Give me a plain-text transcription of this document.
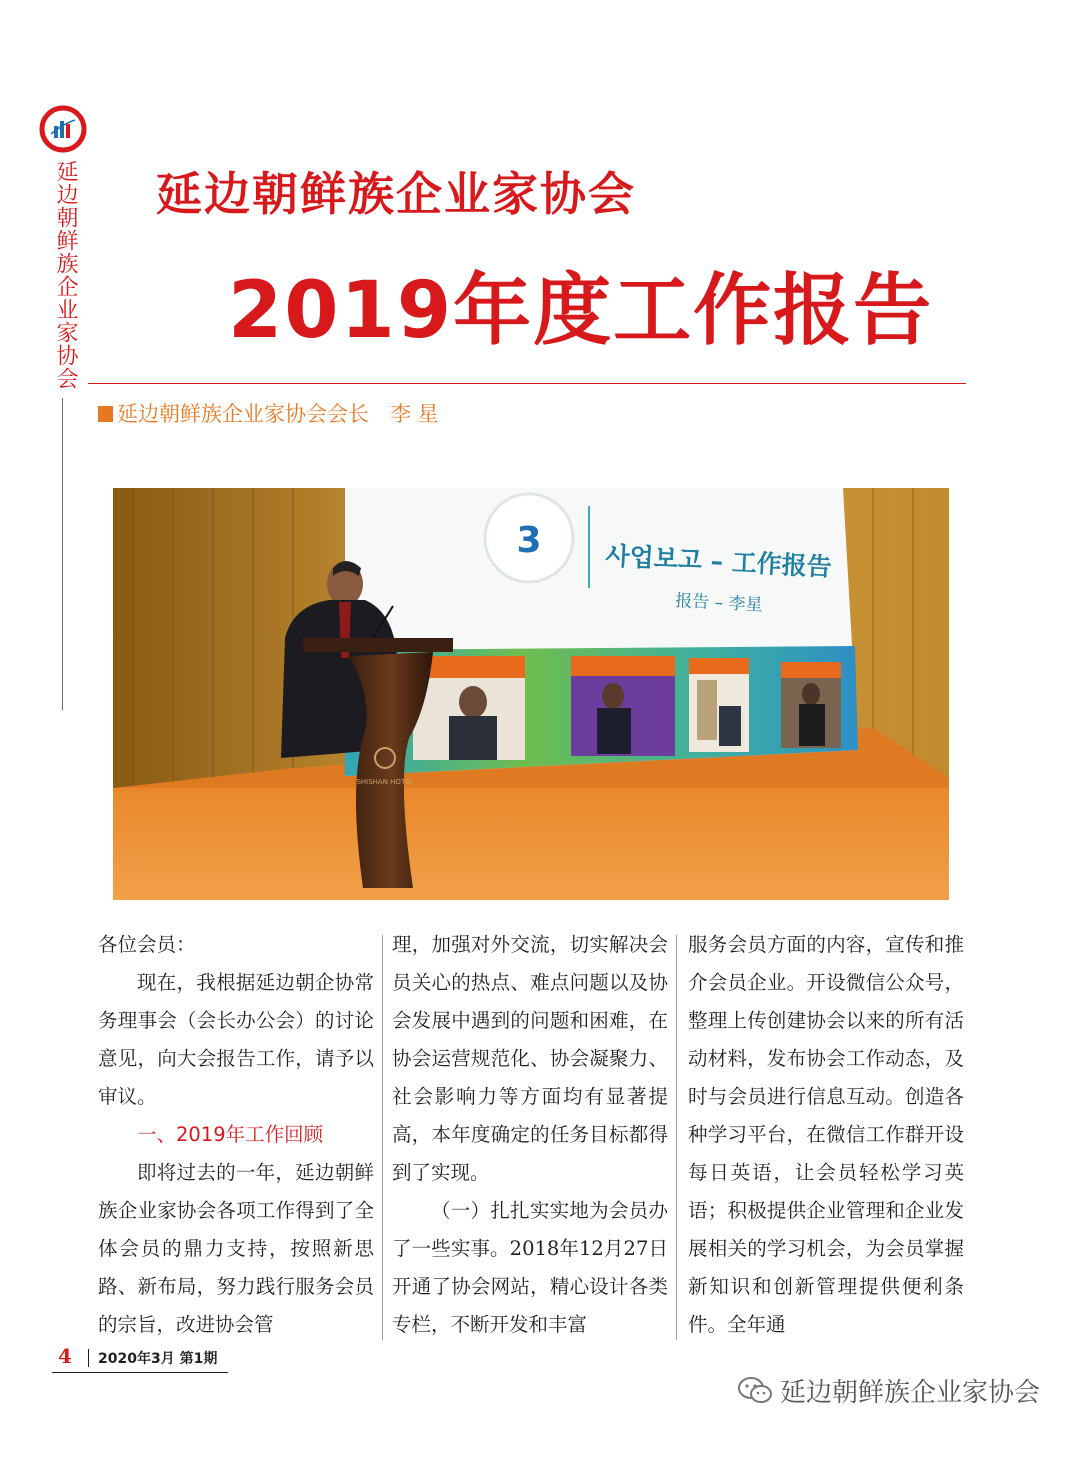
延边朝鲜族企业家协会 延边朝鲜族企业家协会
2019年度工作报告
延边朝鲜族企业家协会会长　李 星
3
사업보고 – 工作报告
报告 – 李星
SHISHAN HOTEL

各位会员：

现在，我根据延边朝企协常务理事会（会长办公会）的讨论意见，向大会报告工作，请予以审议。

一、2019年工作回顾

即将过去的一年，延边朝鲜族企业家协会各项工作得到了全体会员的鼎力支持，按照新思路、新布局，努力践行服务会员的宗旨，改进协会管

理，加强对外交流，切实解决会员关心的热点、难点问题以及协会发展中遇到的问题和困难，在协会运营规范化、协会凝聚力、社会影响力等方面均有显著提高，本年度确定的任务目标都得到了实现。

（一）扎扎实实地为会员办了一些实事。2018年12月27日开通了协会网站，精心设计各类专栏，不断开发和丰富

服务会员方面的内容，宣传和推介会员企业。开设微信公众号，整理上传创建协会以来的所有活动材料，发布协会工作动态，及时与会员进行信息互动。创造各种学习平台，在微信工作群开设每日英语，让会员轻松学习英语；积极提供企业管理和企业发展相关的学习机会，为会员掌握新知识和创新管理提供便利条件。全年通

4 2020年3月 第1期
延边朝鲜族企业家协会
